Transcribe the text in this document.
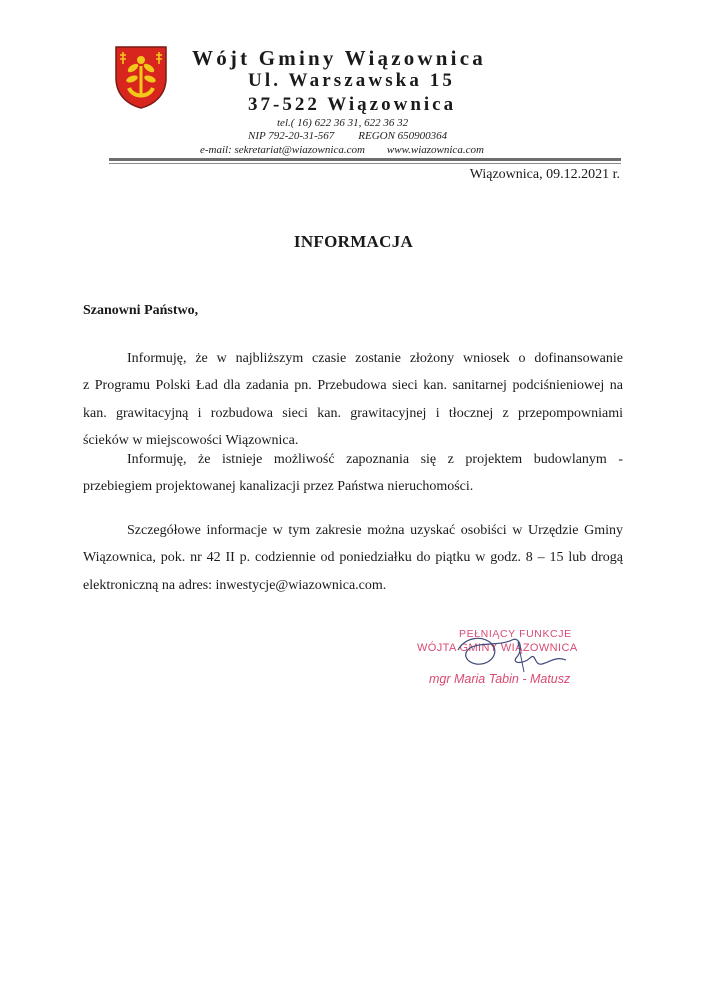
Wójt Gminy Wiązownica
Ul. Warszawska 15
37-522 Wiązownica
tel.( 16) 622 36 31, 622 36 32
NIP 792-20-31-567 REGON 650900364
e-mail: sekretariat@wiazownica.com www.wiazownica.com
Wiązownica, 09.12.2021 r.
INFORMACJA
Szanowni Państwo,
Informuję, że w najbliższym czasie zostanie złożony wniosek o dofinansowanie
z Programu Polski Ład dla zadania pn. Przebudowa sieci kan. sanitarnej podciśnieniowej na
kan. grawitacyjną i rozbudowa sieci kan. grawitacyjnej i tłocznej z przepompowniami
ścieków w miejscowości Wiązownica.
Informuję, że istnieje możliwość zapoznania się z projektem budowlanym -
przebiegiem projektowanej kanalizacji przez Państwa nieruchomości.
Szczegółowe informacje w tym zakresie można uzyskać osobiści w Urzędzie Gminy
Wiązownica, pok. nr 42 II p. codziennie od poniedziałku do piątku w godz. 8 – 15 lub drogą
elektroniczną na adres: inwestycje@wiazownica.com.
PEŁNIĄCY FUNKCJE
WÓJTA GMINY WIĄZOWNICA
mgr Maria Tabin - Matusz
